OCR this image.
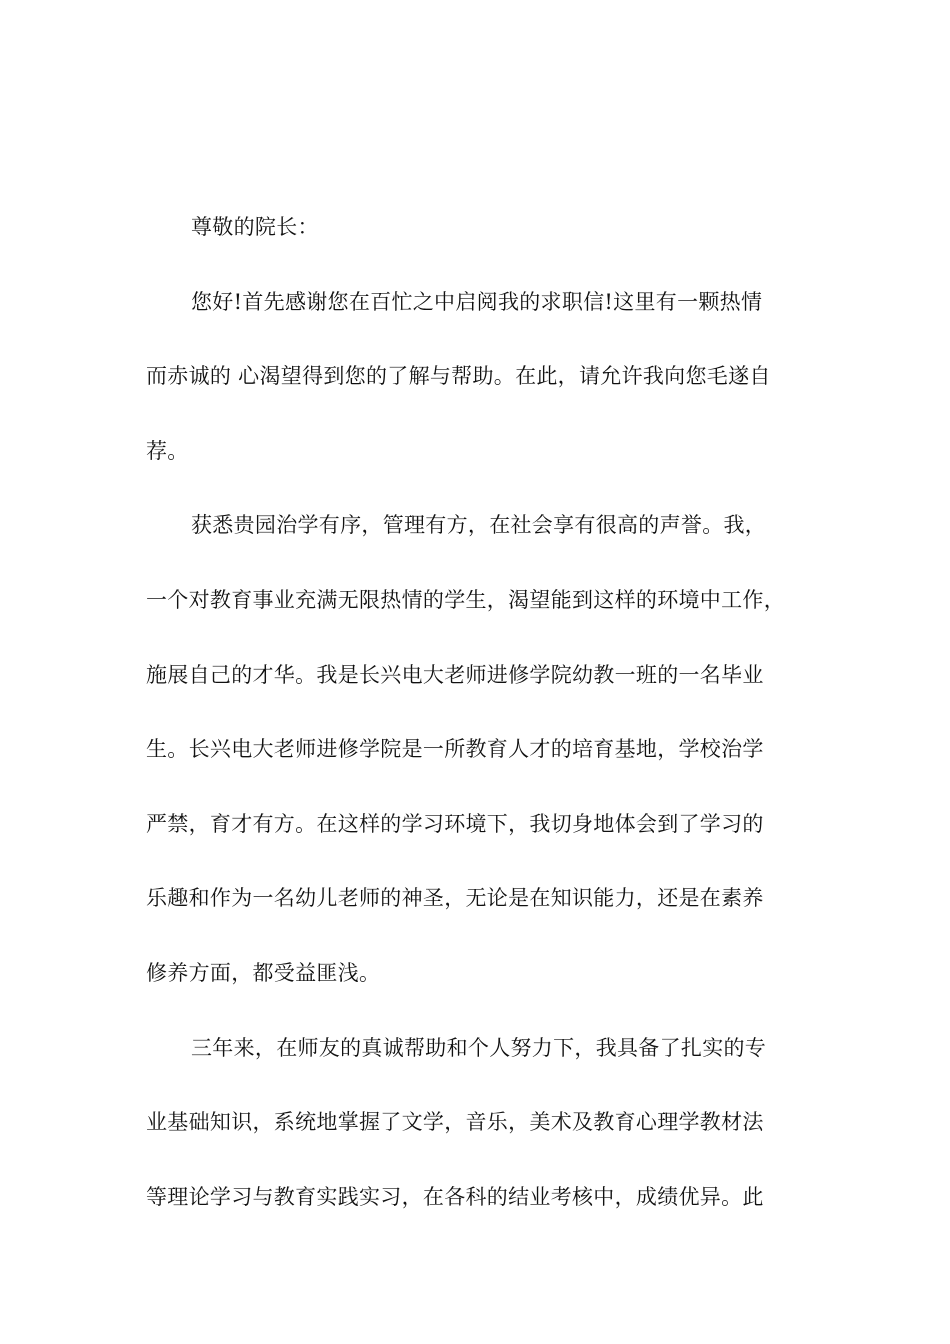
尊敬的院长：
您好!首先感谢您在百忙之中启阅我的求职信!这里有一颗热情
而赤诚的 心渴望得到您的了解与帮助。在此，请允许我向您毛遂自
荐。
获悉贵园治学有序，管理有方，在社会享有很高的声誉。我，
一个对教育事业充满无限热情的学生，渴望能到这样的环境中工作，
施展自己的才华。我是长兴电大老师进修学院幼教一班的一名毕业
生。长兴电大老师进修学院是一所教育人才的培育基地，学校治学
严禁，育才有方。在这样的学习环境下，我切身地体会到了学习的
乐趣和作为一名幼儿老师的神圣，无论是在知识能力，还是在素养
修养方面，都受益匪浅。
三年来，在师友的真诚帮助和个人努力下，我具备了扎实的专
业基础知识，系统地掌握了文学，音乐，美术及教育心理学教材法
等理论学习与教育实践实习，在各科的结业考核中，成绩优异。此
